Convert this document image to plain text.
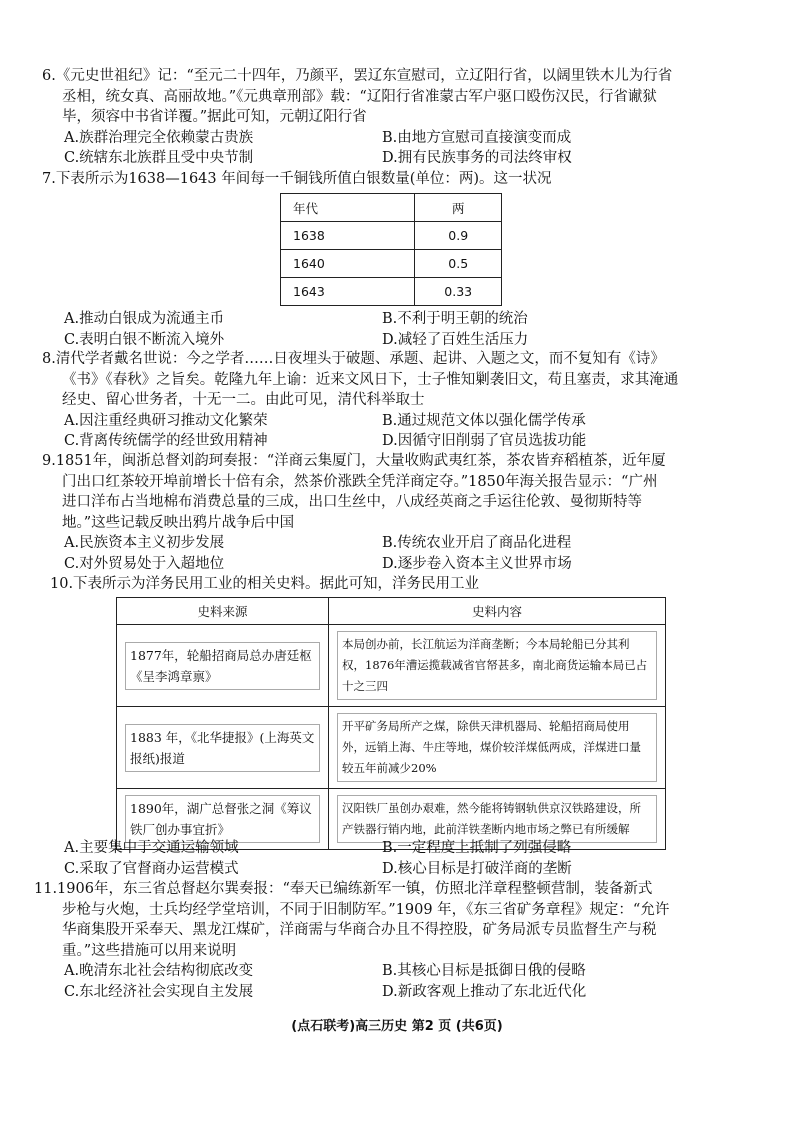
6.《元史世祖纪》记：“至元二十四年，乃颜平，罢辽东宣慰司，立辽阳行省，以阔里铁木儿为行省
丞相，统女真、高丽故地。”《元典章刑部》载：“辽阳行省准蒙古军户驱口殴伤汉民，行省谳狱
毕，须容中书省详覆。”据此可知，元朝辽阳行省
A.族群治理完全依赖蒙古贵族	B.由地方宣慰司直接演变而成
C.统辖东北族群且受中央节制	D.拥有民族事务的司法终审权
7.下表所示为1638—1643 年间每一千铜钱所值白银数量(单位：两)。这一状况
年代	两
1638	0.9
1640	0.5
1643	0.33
A.推动白银成为流通主币	B.不利于明王朝的统治
C.表明白银不断流入境外	D.减轻了百姓生活压力
8.清代学者戴名世说：今之学者……日夜埋头于破题、承题、起讲、入题之文，而不复知有《诗》
《书》《春秋》之旨矣。乾隆九年上谕：近来文风日下，士子惟知剿袭旧文，苟且塞责，求其淹通
经史、留心世务者，十无一二。由此可见，清代科举取士
A.因注重经典研习推动文化繁荣	B.通过规范文体以强化儒学传承
C.背离传统儒学的经世致用精神	D.因循守旧削弱了官员选拔功能
9.1851年，闽浙总督刘韵珂奏报：“洋商云集厦门，大量收购武夷红茶，茶农皆弃稻植茶，近年厦
门出口红茶较开埠前增长十倍有余，然茶价涨跌全凭洋商定夺。”1850年海关报告显示：“广州
进口洋布占当地棉布消费总量的三成，出口生丝中，八成经英商之手运往伦敦、曼彻斯特等
地。”这些记载反映出鸦片战争后中国
A.民族资本主义初步发展	B.传统农业开启了商品化进程
C.对外贸易处于入超地位	D.逐步卷入资本主义世界市场
10.下表所示为洋务民用工业的相关史料。据此可知，洋务民用工业
史料来源	史料内容

1877年，轮船招商局总办唐廷枢《呈李鸿章禀》	本局创办前，长江航运为洋商垄断；今本局轮船已分其利权，1876年漕运揽载减省官帑甚多，南北商货运输本局已占十之三四

1883 年，《北华捷报》(上海英文报纸)报道	开平矿务局所产之煤，除供天津机器局、轮船招商局使用外，远销上海、牛庄等地，煤价较洋煤低两成，洋煤进口量较五年前减少20%

1890年，湖广总督张之洞《筹议铁厂创办事宜折》	汉阳铁厂虽创办艰难，然今能将铸钢轨供京汉铁路建设，所产铁器行销内地，此前洋铁垄断内地市场之弊已有所缓解
A.主要集中于交通运输领域	B.一定程度上抵制了列强侵略
C.采取了官督商办运营模式	D.核心目标是打破洋商的垄断
11.1906年，东三省总督赵尔巽奏报：“奉天已编练新军一镇，仿照北洋章程整顿营制，装备新式
步枪与火炮，士兵均经学堂培训，不同于旧制防军。”1909 年，《东三省矿务章程》规定：“允许
华商集股开采奉天、黑龙江煤矿，洋商需与华商合办且不得控股，矿务局派专员监督生产与税
重。”这些措施可以用来说明
A.晚清东北社会结构彻底改变	B.其核心目标是抵御日俄的侵略
C.东北经济社会实现自主发展	D.新政客观上推动了东北近代化
(点石联考)高三历史 第2 页 (共6页)
